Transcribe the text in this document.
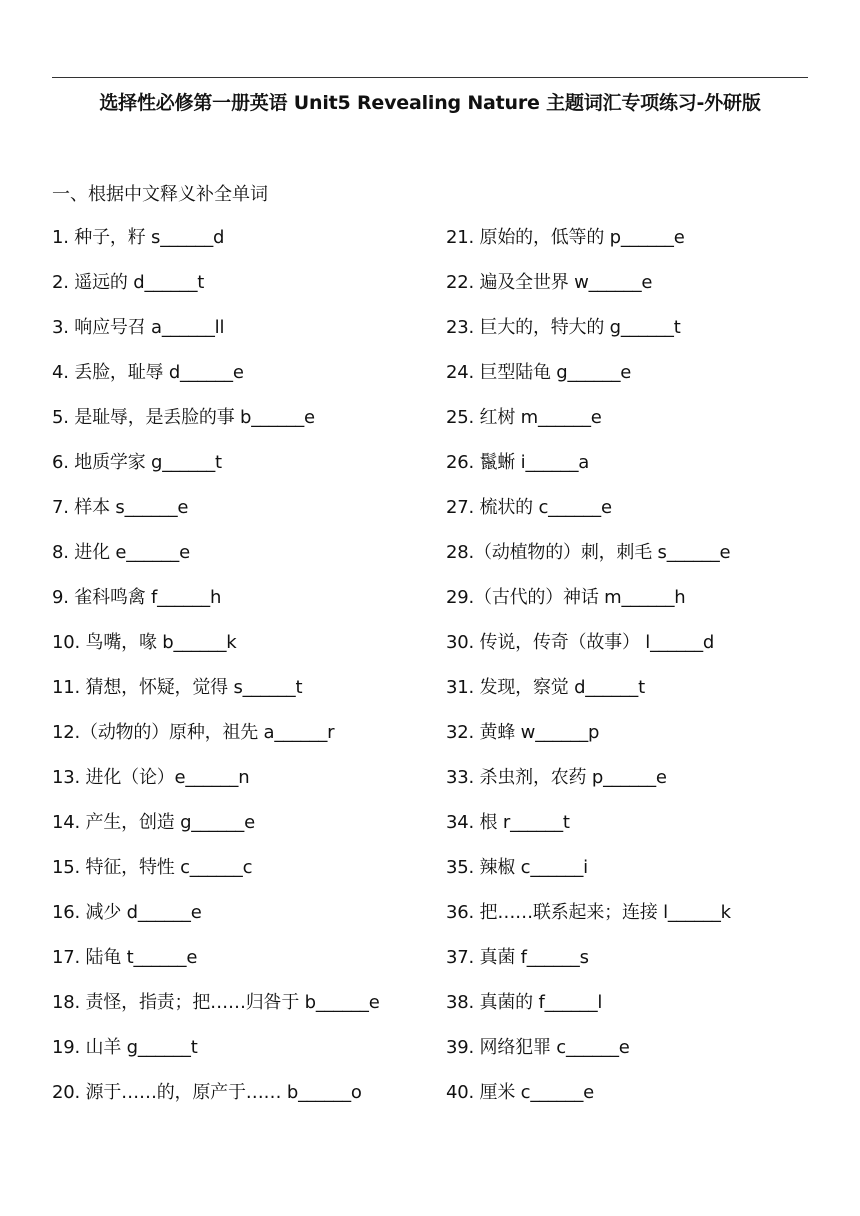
选择性必修第一册英语 Unit5 Revealing Nature 主题词汇专项练习-外研版
一、根据中文释义补全单词
1. 种子，籽 s______d
2. 遥远的 d______t
3. 响应号召 a______ll
4. 丢脸，耻辱 d______e
5. 是耻辱，是丢脸的事 b______e
6. 地质学家 g______t
7. 样本 s______e
8. 进化 e______e
9. 雀科鸣禽 f______h
10. 鸟嘴，喙 b______k
11. 猜想，怀疑，觉得 s______t
12.（动物的）原种，祖先 a______r
13. 进化（论）e______n
14. 产生，创造 g______e
15. 特征，特性 c______c
16. 减少 d______e
17. 陆龟 t______e
18. 责怪，指责；把……归咎于 b______e
19. 山羊 g______t
20. 源于……的，原产于…… b______o
21. 原始的，低等的 p______e
22. 遍及全世界 w______e
23. 巨大的，特大的 g______t
24. 巨型陆龟 g______e
25. 红树 m______e
26. 鬣蜥 i______a
27. 梳状的 c______e
28.（动植物的）刺，刺毛 s______e
29.（古代的）神话 m______h
30. 传说，传奇（故事） l______d
31. 发现，察觉 d______t
32. 黄蜂 w______p
33. 杀虫剂，农药 p______e
34. 根 r______t
35. 辣椒 c______i
36. 把……联系起来；连接 l______k
37. 真菌 f______s
38. 真菌的 f______l
39. 网络犯罪 c______e
40. 厘米 c______e
